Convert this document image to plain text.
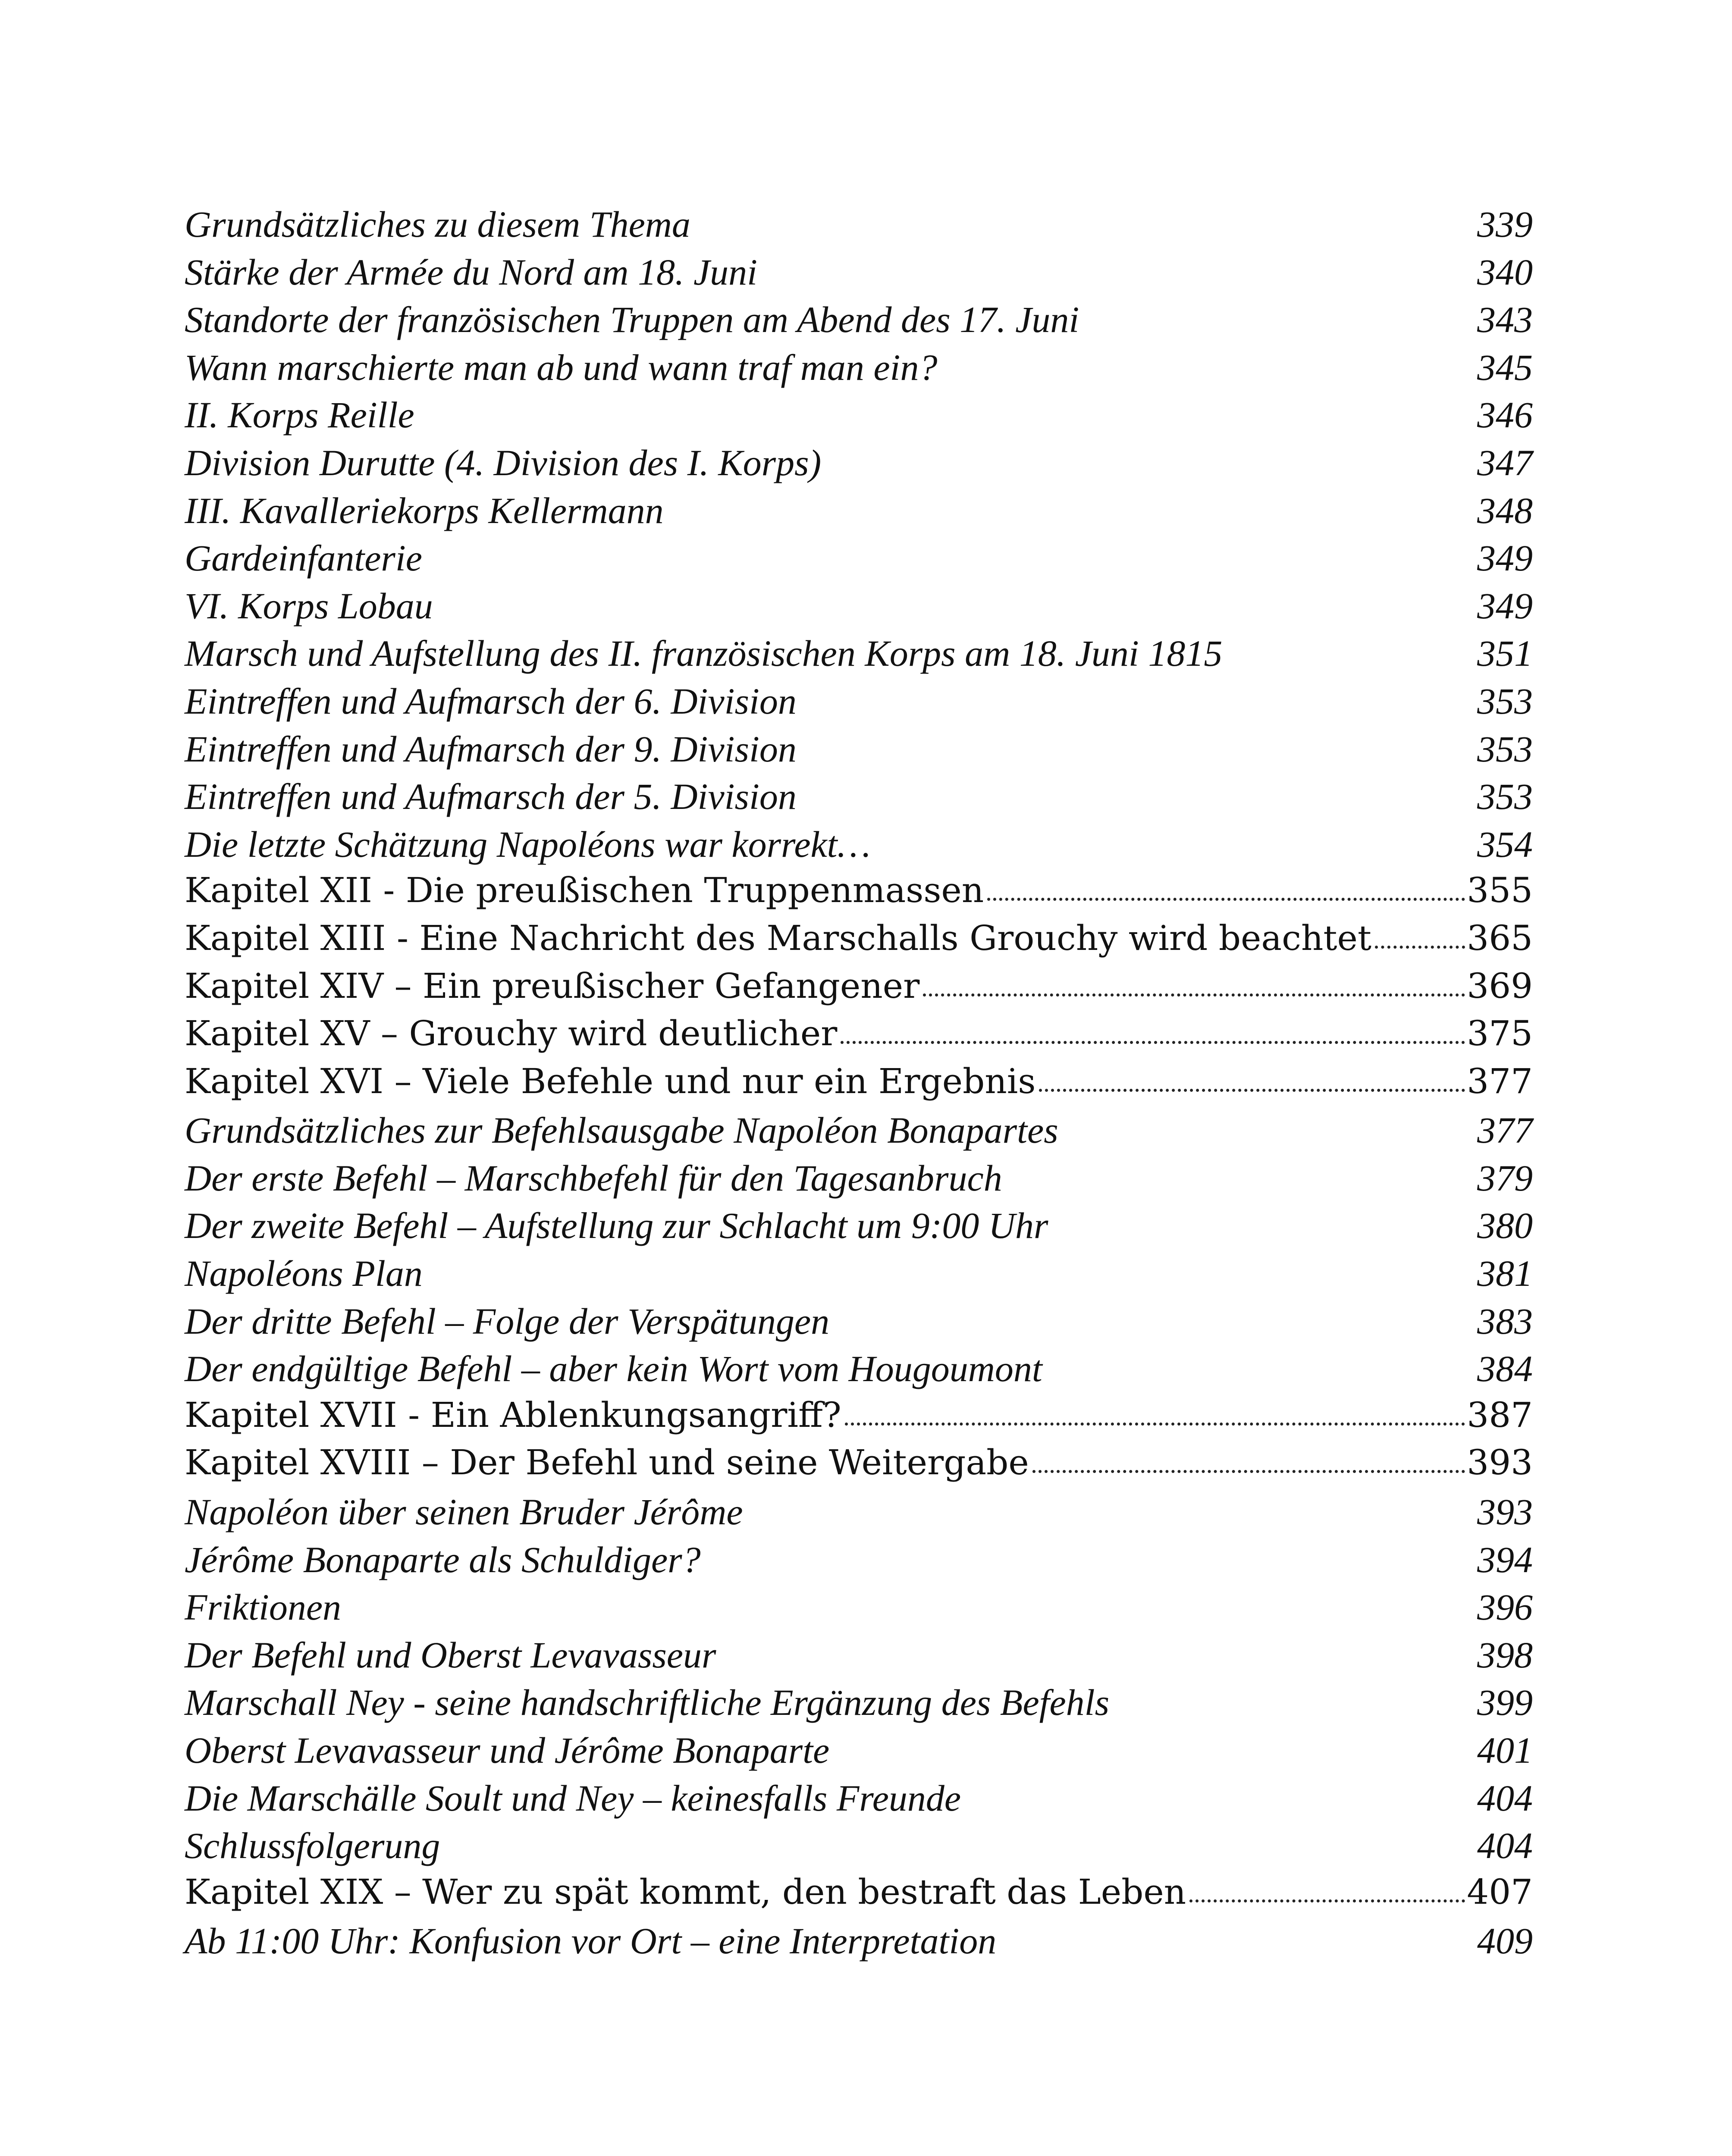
Grundsätzliches zu diesem Thema	339
Stärke der Armée du Nord am 18. Juni	340
Standorte der französischen Truppen am Abend des 17. Juni	343
Wann marschierte man ab und wann traf man ein?	345
II. Korps Reille	346
Division Durutte (4. Division des I. Korps)	347
III. Kavalleriekorps Kellermann	348
Gardeinfanterie	349
VI. Korps Lobau	349
Marsch und Aufstellung des II. französischen Korps am 18. Juni 1815	351
Eintreffen und Aufmarsch der 6. Division	353
Eintreffen und Aufmarsch der 9. Division	353
Eintreffen und Aufmarsch der 5. Division	353
Die letzte Schätzung Napoléons war korrekt…	354
Kapitel XII - Die preußischen Truppenmassen	355
Kapitel XIII - Eine Nachricht des Marschalls Grouchy wird beachtet	365
Kapitel XIV – Ein preußischer Gefangener	369
Kapitel XV – Grouchy wird deutlicher	375
Kapitel XVI – Viele Befehle und nur ein Ergebnis	377
Grundsätzliches zur Befehlsausgabe Napoléon Bonapartes	377
Der erste Befehl – Marschbefehl für den Tagesanbruch	379
Der zweite Befehl – Aufstellung zur Schlacht um 9:00 Uhr	380
Napoléons Plan	381
Der dritte Befehl – Folge der Verspätungen	383
Der endgültige Befehl – aber kein Wort vom Hougoumont	384
Kapitel XVII - Ein Ablenkungsangriff?	387
Kapitel XVIII – Der Befehl und seine Weitergabe	393
Napoléon über seinen Bruder Jérôme	393
Jérôme Bonaparte als Schuldiger?	394
Friktionen	396
Der Befehl und Oberst Levavasseur	398
Marschall Ney - seine handschriftliche Ergänzung des Befehls	399
Oberst Levavasseur und Jérôme Bonaparte	401
Die Marschälle Soult und Ney – keinesfalls Freunde	404
Schlussfolgerung	404
Kapitel XIX – Wer zu spät kommt, den bestraft das Leben	407
Ab 11:00 Uhr: Konfusion vor Ort – eine Interpretation	409
